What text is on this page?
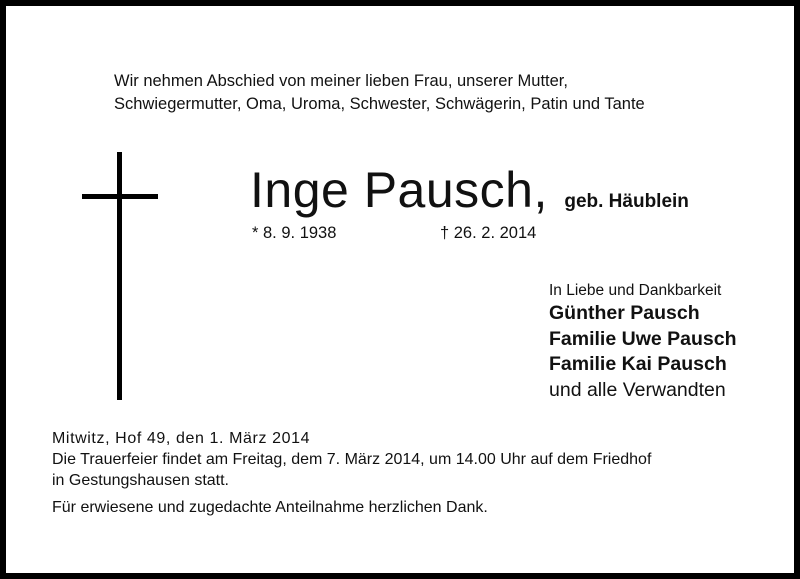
Wir nehmen Abschied von meiner lieben Frau, unserer Mutter,
Schwiegermutter, Oma, Uroma, Schwester, Schwägerin, Patin und Tante
Inge Pausch, geb. Häublein
* 8. 9. 1938	† 26. 2. 2014
In Liebe und Dankbarkeit
Günther Pausch
Familie Uwe Pausch
Familie Kai Pausch
und alle Verwandten
Mitwitz, Hof 49, den 1. März 2014
Die Trauerfeier findet am Freitag, dem 7. März 2014, um 14.00 Uhr auf dem Friedhof
in Gestungshausen statt.
Für erwiesene und zugedachte Anteilnahme herzlichen Dank.
